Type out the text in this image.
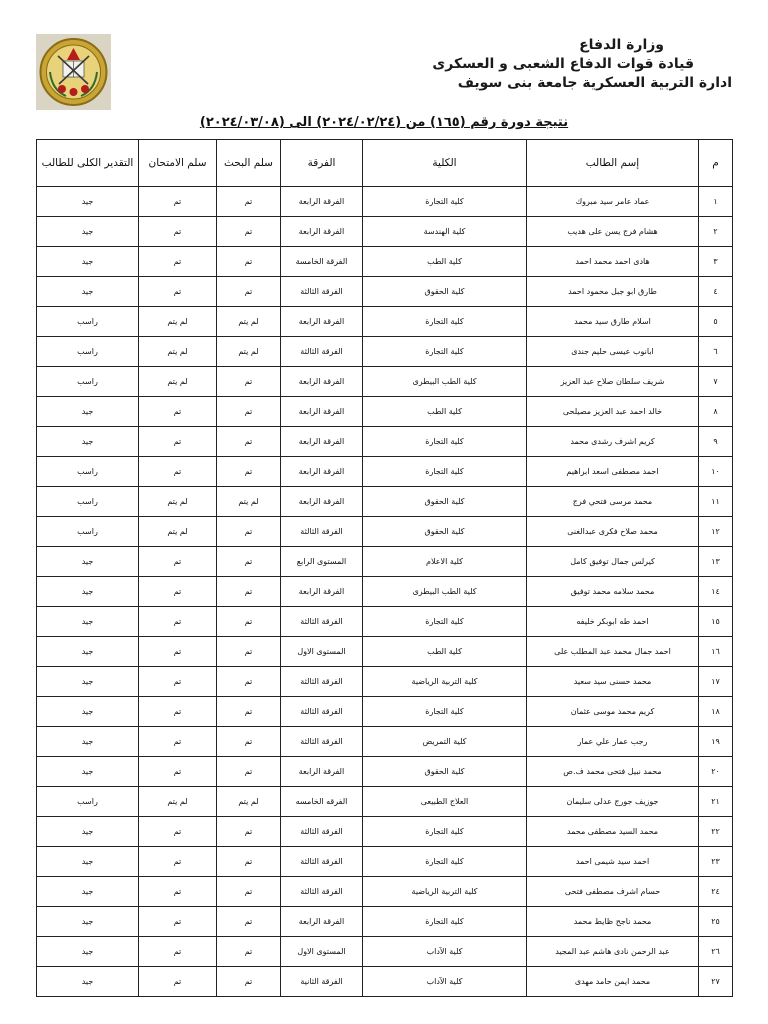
وزارة الدفاع
قيادة قوات الدفاع الشعبى و العسكرى
ادارة التربية العسكرية جامعة بنى سويف
نتيجة دورة رقم (١٦٥) من (٢٠٢٤/٠٢/٢٤) الى (٢٠٢٤/٠٣/٠٨)
م	إسم الطالب	الكلية	الفرقة	سلم البحث	سلم الامتحان	التقدير الكلى للطالب
١	عماد عامر سيد مبروك	كلية التجارة	الفرقة الرابعة	تم	تم	جيد
٢	هشام فرج يسن على هديب	كلية الهندسة	الفرقة الرابعة	تم	تم	جيد
٣	هادى احمد محمد احمد	كلية الطب	الفرقة الخامسة	تم	تم	جيد
٤	طارق ابو جبل محمود احمد	كلية الحقوق	الفرقة الثالثة	تم	تم	جيد
٥	اسلام طارق سيد محمد	كلية التجارة	الفرقة الرابعة	لم يتم	لم يتم	راسب
٦	ابانوب عيسى حليم جندى	كلية التجارة	الفرقة الثالثة	لم يتم	لم يتم	راسب
٧	شريف سلطان صلاح عبد العزيز	كلية الطب البيطرى	الفرقة الرابعة	تم	لم يتم	راسب
٨	خالد احمد عبد العزيز مصيلحى	كلية الطب	الفرقة الرابعة	تم	تم	جيد
٩	كريم اشرف رشدى محمد	كلية التجارة	الفرقة الرابعة	تم	تم	جيد
١٠	احمد مصطفى اسعد ابراهيم	كلية التجارة	الفرقة الرابعة	تم	تم	راسب
١١	محمد مرسى فتحي فرج	كلية الحقوق	الفرقة الرابعة	لم يتم	لم يتم	راسب
١٢	محمد صلاح فكرى عبدالغنى	كلية الحقوق	الفرقة الثالثة	تم	لم يتم	راسب
١٣	كيرلس جمال توفيق كامل	كلية الاعلام	المستوى الرابع	تم	تم	جيد
١٤	محمد سلامه محمد توفيق	كلية الطب البيطرى	الفرقة الرابعة	تم	تم	جيد
١٥	احمد طه ابوبكر خليفه	كلية التجارة	الفرقة الثالثة	تم	تم	جيد
١٦	احمد جمال محمد عبد المطلب على	كلية الطب	المستوى الاول	تم	تم	جيد
١٧	محمد حسنى سيد سعيد	كلية التربية الرياضية	الفرقة الثالثة	تم	تم	جيد
١٨	كريم محمد موسى عثمان	كلية التجارة	الفرقة الثالثة	تم	تم	جيد
١٩	رجب عمار علي عمار	كلية التمريض	الفرقة الثالثة	تم	تم	جيد
٢٠	محمد نبيل فتحى محمد ف.ص	كلية الحقوق	الفرقة الرابعة	تم	تم	جيد
٢١	جوزيف جورج عدلى سليمان	العلاج الطبيعى	الفرقه الخامسه	لم يتم	لم يتم	راسب
٢٢	محمد السيد مصطفى محمد	كلية التجارة	الفرقة الثالثة	تم	تم	جيد
٢٣	احمد سيد شيمى احمد	كلية التجارة	الفرقة الثالثة	تم	تم	جيد
٢٤	حسام اشرف مصطفى فتحى	كلية التربية الرياضية	الفرقة الثالثة	تم	تم	جيد
٢٥	محمد ناجح ظايط محمد	كلية التجارة	الفرقة الرابعة	تم	تم	جيد
٢٦	عبد الرحمن نادى هاشم عبد المجيد	كلية الآداب	المستوى الاول	تم	تم	جيد
٢٧	محمد ايمن حامد مهدى	كلية الآداب	الفرقة الثانية	تم	تم	جيد
